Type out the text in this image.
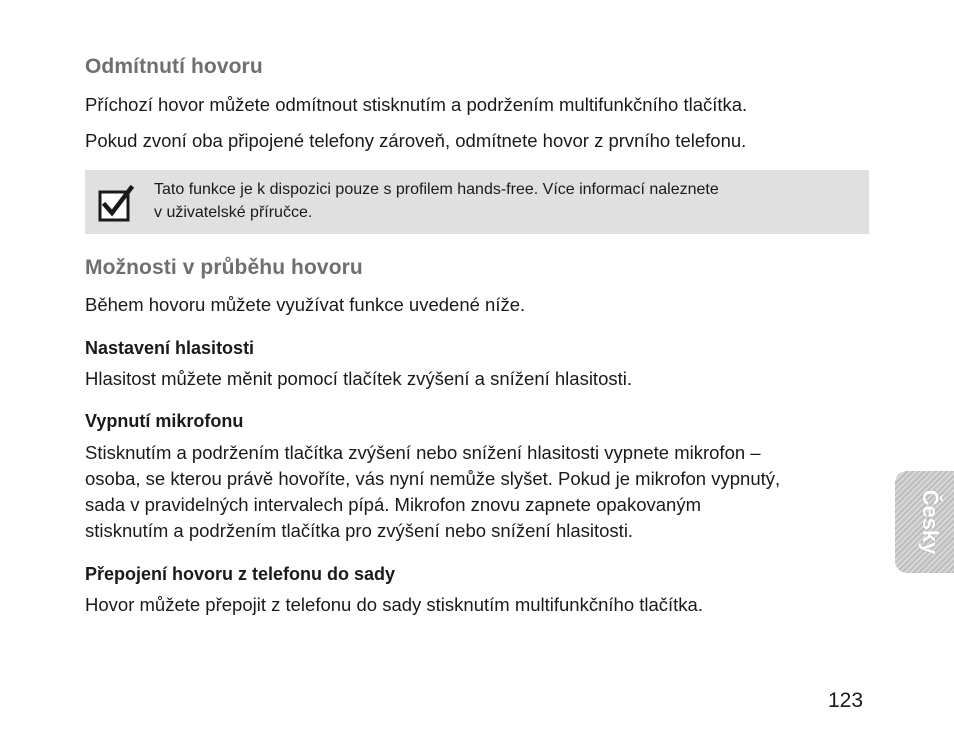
Odmítnutí hovoru
Příchozí hovor můžete odmítnout stisknutím a podržením multifunkčního tlačítka.
Pokud zvoní oba připojené telefony zároveň, odmítnete hovor z prvního telefonu.
Tato funkce je k dispozici pouze s profilem hands-free. Více informací naleznete
v uživatelské příručce.
Možnosti v průběhu hovoru
Během hovoru můžete využívat funkce uvedené níže.
Nastavení hlasitosti
Hlasitost můžete měnit pomocí tlačítek zvýšení a snížení hlasitosti.
Vypnutí mikrofonu
Stisknutím a podržením tlačítka zvýšení nebo snížení hlasitosti vypnete mikrofon –
osoba, se kterou právě hovoříte, vás nyní nemůže slyšet. Pokud je mikrofon vypnutý,
sada v pravidelných intervalech pípá. Mikrofon znovu zapnete opakovaným
stisknutím a podržením tlačítka pro zvýšení nebo snížení hlasitosti.
Přepojení hovoru z telefonu do sady
Hovor můžete přepojit z telefonu do sady stisknutím multifunkčního tlačítka.
Česky
123
